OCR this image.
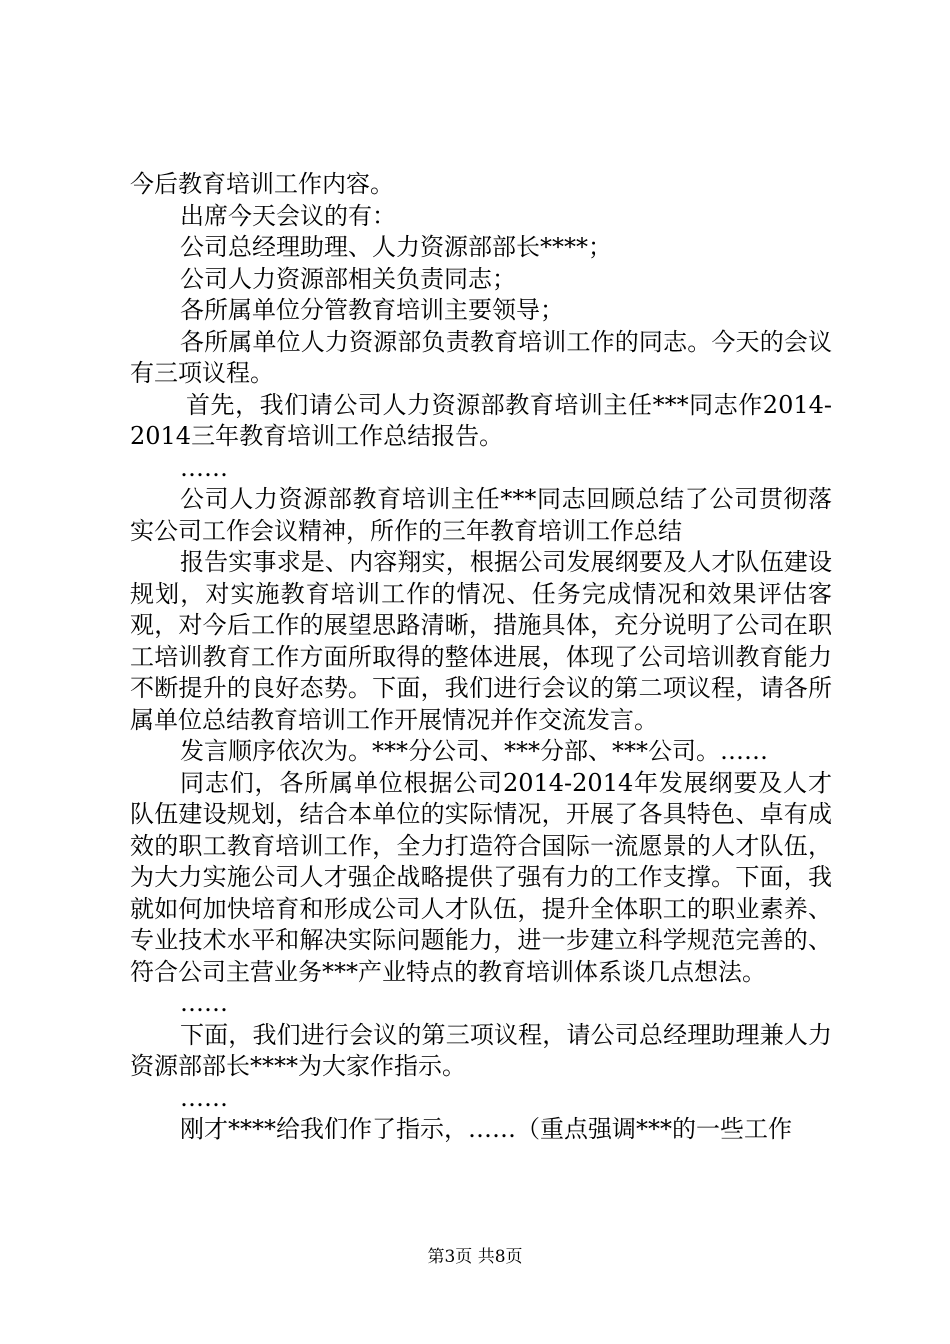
今后教育培训工作内容。

出席今天会议的有：

公司总经理助理、人力资源部部长****；

公司人力资源部相关负责同志；

各所属单位分管教育培训主要领导；

各所属单位人力资源部负责教育培训工作的同志。今天的会议有三项议程。

首先，我们请公司人力资源部教育培训主任***同志作2014-2014三年教育培训工作总结报告。

……

公司人力资源部教育培训主任***同志回顾总结了公司贯彻落实公司工作会议精神，所作的三年教育培训工作总结

报告实事求是、内容翔实，根据公司发展纲要及人才队伍建设规划，对实施教育培训工作的情况、任务完成情况和效果评估客观，对今后工作的展望思路清晰，措施具体，充分说明了公司在职工培训教育工作方面所取得的整体进展，体现了公司培训教育能力不断提升的良好态势。下面，我们进行会议的第二项议程，请各所属单位总结教育培训工作开展情况并作交流发言。

发言顺序依次为。***分公司、***分部、***公司。……

同志们，各所属单位根据公司2014-2014年发展纲要及人才队伍建设规划，结合本单位的实际情况，开展了各具特色、卓有成效的职工教育培训工作，全力打造符合国际一流愿景的人才队伍，为大力实施公司人才强企战略提供了强有力的工作支撑。下面，我就如何加快培育和形成公司人才队伍，提升全体职工的职业素养、专业技术水平和解决实际问题能力，进一步建立科学规范完善的、符合公司主营业务***产业特点的教育培训体系谈几点想法。

……

下面，我们进行会议的第三项议程，请公司总经理助理兼人力资源部部长****为大家作指示。

……

刚才****给我们作了指示，……（重点强调***的一些工作

第3页 共8页
